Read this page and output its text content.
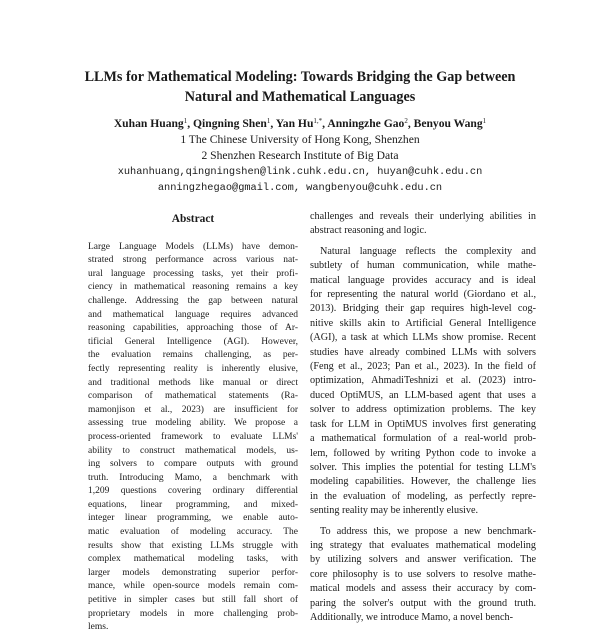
LLMs for Mathematical Modeling: Towards Bridging the Gap between
Natural and Mathematical Languages
Xuhan Huang$^1$, Qingning Shen$^1$, Yan $Hu^{1,*}$, Anningzhe Gao$^2$, Benyou Wang$^1$
1 The Chinese University of Hong Kong, Shenzhen
2 Shenzhen Research Institute of Big Data
xuhanhuang,qingningshen@link.cuhk.edu.cn, huyan@cuhk.edu.cn
anningzhegao@gmail.com, wangbenyou@cuhk.edu.cn
Abstract
Large Language Models (LLMs) have demon-
strated strong performance across various nat-
ural language processing tasks, yet their profi-
ciency in mathematical reasoning remains a key
challenge. Addressing the gap between natural
and mathematical language requires advanced
reasoning capabilities, approaching those of Ar-
tificial General Intelligence (AGI). However,
the evaluation remains challenging, as per-
fectly representing reality is inherently elusive,
and traditional methods like manual or direct
comparison of mathematical statements (Ra-
mamonjison et al., 2023) are insufficient for
assessing true modeling ability. We propose a
process-oriented framework to evaluate LLMs'
ability to construct mathematical models, us-
ing solvers to compare outputs with ground
truth. Introducing Mamo, a benchmark with
1,209 questions covering ordinary differential
equations, linear programming, and mixed-
integer linear programming, we enable auto-
matic evaluation of modeling accuracy. The
results show that existing LLMs struggle with
complex mathematical modeling tasks, with
larger models demonstrating superior perfor-
mance, while open-source models remain com-
petitive in simpler cases but still fall short of
proprietary models in more challenging prob-
lems.
challenges and reveals their underlying abilities in
abstract reasoning and logic.
Natural language reflects the complexity and
subtlety of human communication, while mathe-
matical language provides accuracy and is ideal
for representing the natural world (Giordano et al.,
2013). Bridging their gap requires high-level cog-
nitive skills akin to Artificial General Intelligence
(AGI), a task at which LLMs show promise. Recent
studies have already combined LLMs with solvers
(Feng et al., 2023; Pan et al., 2023). In the field of
optimization, AhmadiTeshnizi et al. (2023) intro-
duced OptiMUS, an LLM-based agent that uses a
solver to address optimization problems. The key
task for LLM in OptiMUS involves first generating
a mathematical formulation of a real-world prob-
lem, followed by writing Python code to invoke a
solver. This implies the potential for testing LLM's
modeling capabilities. However, the challenge lies
in the evaluation of modeling, as perfectly repre-
senting reality may be inherently elusive.
To address this, we propose a new benchmark-
ing strategy that evaluates mathematical modeling
by utilizing solvers and answer verification. The
core philosophy is to use solvers to resolve mathe-
matical models and assess their accuracy by com-
paring the solver's output with the ground truth.
Additionally, we introduce Mamo, a novel bench-
